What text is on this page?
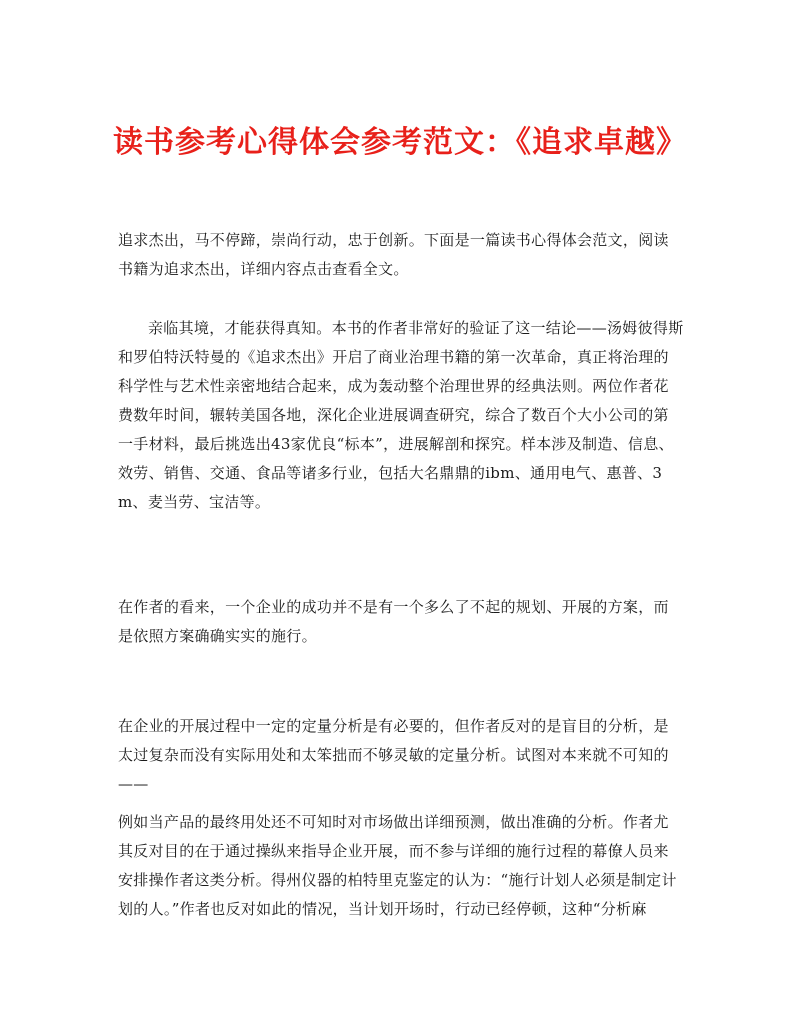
读书参考心得体会参考范文：《追求卓越》

追求杰出，马不停蹄，崇尚行动，忠于创新。下面是一篇读书心得体会范文，阅读书籍为追求杰出，详细内容点击查看全文。

亲临其境，才能获得真知。本书的作者非常好的验证了这一结论——汤姆彼得斯和罗伯特沃特曼的《追求杰出》开启了商业治理书籍的第一次革命，真正将治理的科学性与艺术性亲密地结合起来，成为轰动整个治理世界的经典法则。两位作者花费数年时间，辗转美国各地，深化企业进展调查研究，综合了数百个大小公司的第一手材料，最后挑选出43家优良“标本”，进展解剖和探究。样本涉及制造、信息、效劳、销售、交通、食品等诸多行业，包括大名鼎鼎的ibm、通用电气、惠普、3m、麦当劳、宝洁等。

在作者的看来，一个企业的成功并不是有一个多么了不起的规划、开展的方案，而是依照方案确确实实的施行。

在企业的开展过程中一定的定量分析是有必要的，但作者反对的是盲目的分析，是太过复杂而没有实际用处和太笨拙而不够灵敏的定量分析。试图对本来就不可知的——

例如当产品的最终用处还不可知时对市场做出详细预测，做出准确的分析。作者尤其反对目的在于通过操纵来指导企业开展，而不参与详细的施行过程的幕僚人员来安排操作者这类分析。得州仪器的柏特里克鉴定的认为：“施行计划人必须是制定计划的人。”作者也反对如此的情况，当计划开场时，行动已经停顿，这种“分析麻
